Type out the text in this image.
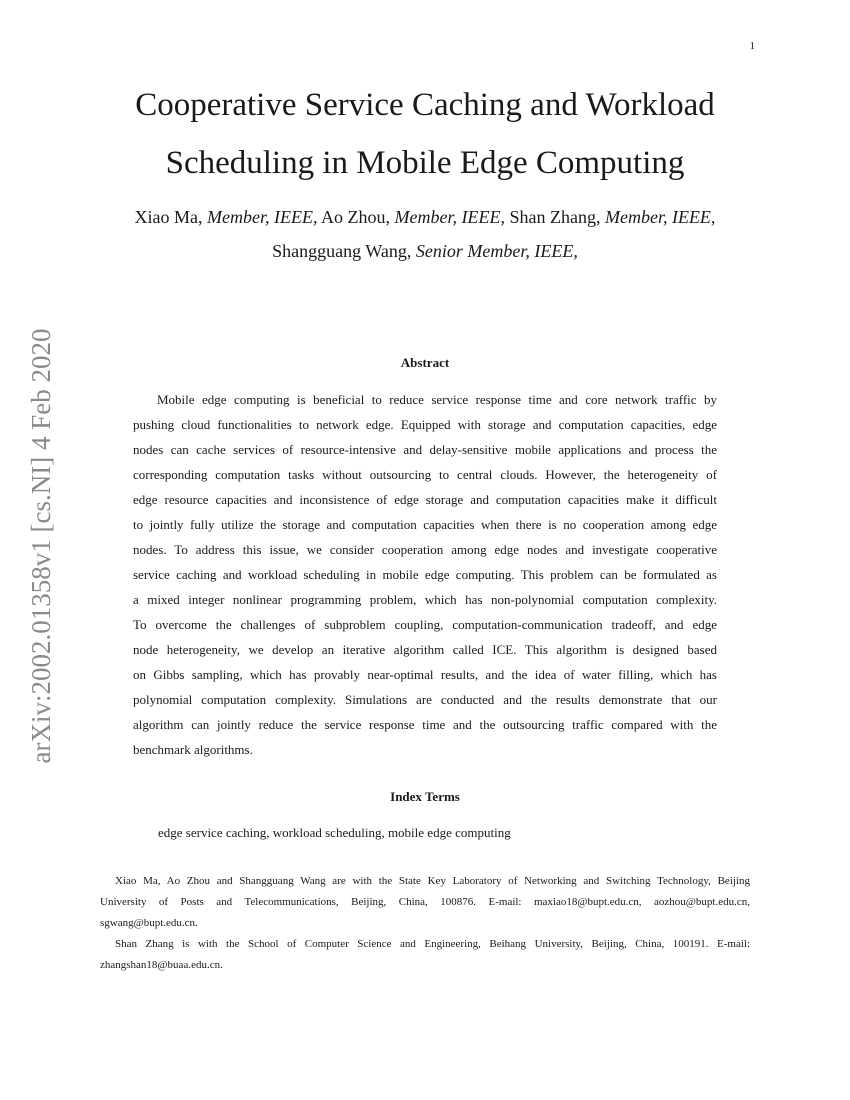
1
arXiv:2002.01358v1 [cs.NI] 4 Feb 2020
Cooperative Service Caching and Workload
Scheduling in Mobile Edge Computing
Xiao Ma, Member, IEEE, Ao Zhou, Member, IEEE, Shan Zhang, Member, IEEE,
Shangguang Wang, Senior Member, IEEE,
Abstract
Mobile edge computing is beneficial to reduce service response time and core network traffic by
pushing cloud functionalities to network edge. Equipped with storage and computation capacities, edge
nodes can cache services of resource-intensive and delay-sensitive mobile applications and process the
corresponding computation tasks without outsourcing to central clouds. However, the heterogeneity of
edge resource capacities and inconsistence of edge storage and computation capacities make it difficult
to jointly fully utilize the storage and computation capacities when there is no cooperation among edge
nodes. To address this issue, we consider cooperation among edge nodes and investigate cooperative
service caching and workload scheduling in mobile edge computing. This problem can be formulated as
a mixed integer nonlinear programming problem, which has non-polynomial computation complexity.
To overcome the challenges of subproblem coupling, computation-communication tradeoff, and edge
node heterogeneity, we develop an iterative algorithm called ICE. This algorithm is designed based
on Gibbs sampling, which has provably near-optimal results, and the idea of water filling, which has
polynomial computation complexity. Simulations are conducted and the results demonstrate that our
algorithm can jointly reduce the service response time and the outsourcing traffic compared with the
benchmark algorithms.
Index Terms
edge service caching, workload scheduling, mobile edge computing
Xiao Ma, Ao Zhou and Shangguang Wang are with the State Key Laboratory of Networking and Switching Technology, Beijing
University of Posts and Telecommunications, Beijing, China, 100876. E-mail: maxiao18@bupt.edu.cn, aozhou@bupt.edu.cn,
sgwang@bupt.edu.cn.
Shan Zhang is with the School of Computer Science and Engineering, Beihang University, Beijing, China, 100191. E-mail:
zhangshan18@buaa.edu.cn.
